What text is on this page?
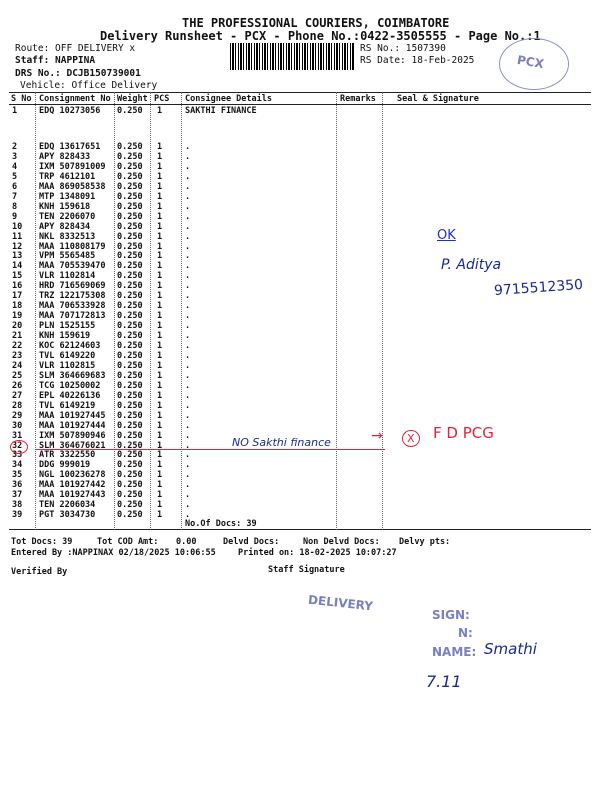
THE PROFESSIONAL COURIERS, COIMBATORE
Delivery Runsheet - PCX - Phone No.:0422-3505555 - Page No.:1
Route: OFF DELIVERY x
Staff: NAPPINA
DRS No.: DCJB150739001
Vehicle: Office Delivery
RS No.: 1507390
RS Date: 18-Feb-2025	PCX
S No Consignment No Weight PCS Consignee Details	Remarks Seal & Signature
1	EDQ 10273056 0.250 1	SAKTHI FINANCE
2	EDQ 13617651 0.250 1	.
3	APY 828433	0.250 1	.
4	IXM 507891009 0.250 1	.
5	TRP 4612101	0.250 1	.
6	MAA 869058538 0.250 1	.
7	MTP 1348091	0.250 1	.
8	KNH 159618	0.250 1	.
9	TEN 2206070	0.250 1	.
10 APY 828434	0.250 1	.
11 NKL 8332513	0.250 1	.
12 MAA 110808179 0.250 1	.
13 VPM 5565485	0.250 1	.
14 MAA 705539470 0.250 1	.
15 VLR 1102814	0.250 1	.
16 HRD 716569069 0.250 1	.
17 TRZ 122175308 0.250 1	.
18 MAA 706533928 0.250 1	.
19 MAA 707172813 0.250 1	.
20 PLN 1525155	0.250 1	.
21 KNH 159619	0.250 1	.
22 KOC 62124603 0.250 1	.
23 TVL 6149220	0.250 1	.
24 VLR 1102815	0.250 1	.
25 SLM 364669683 0.250 1	.
26 TCG 10250002 0.250 1	.
27 EPL 40226136 0.250 1	.
28 TVL 6149219	0.250 1	.
29 MAA 101927445 0.250 1	.
30 MAA 101927444 0.250 1	.
31 IXM 507890946 0.250 1	.
32 SLM 364676021 0.250 1	.
33 ATR 3322550	0.250 1	.
34 DDG 999019	0.250 1	.
35 NGL 100236278 0.250 1	.
36 MAA 101927442 0.250 1	.
37 MAA 101927443 0.250 1	.
38 TEN 2206034	0.250 1	.
39 PGT 3034730	0.250 1	.
No.Of Docs: 39
Tot Docs: 39	Tot COD Amt: 0.00	Delvd Docs:	Non Delvd Docs: Delvy pts:
Entered By :NAPPINAX 02/18/2025 10:06:55	Printed on: 18-02-2025 10:07:27
Verified By	Staff Signature
OK
P. Aditya
9715512350
NO Sakthi finance	X	F D PCG
→
DELIVERY
SIGN:
N:
NAME: Smathi
7.11
